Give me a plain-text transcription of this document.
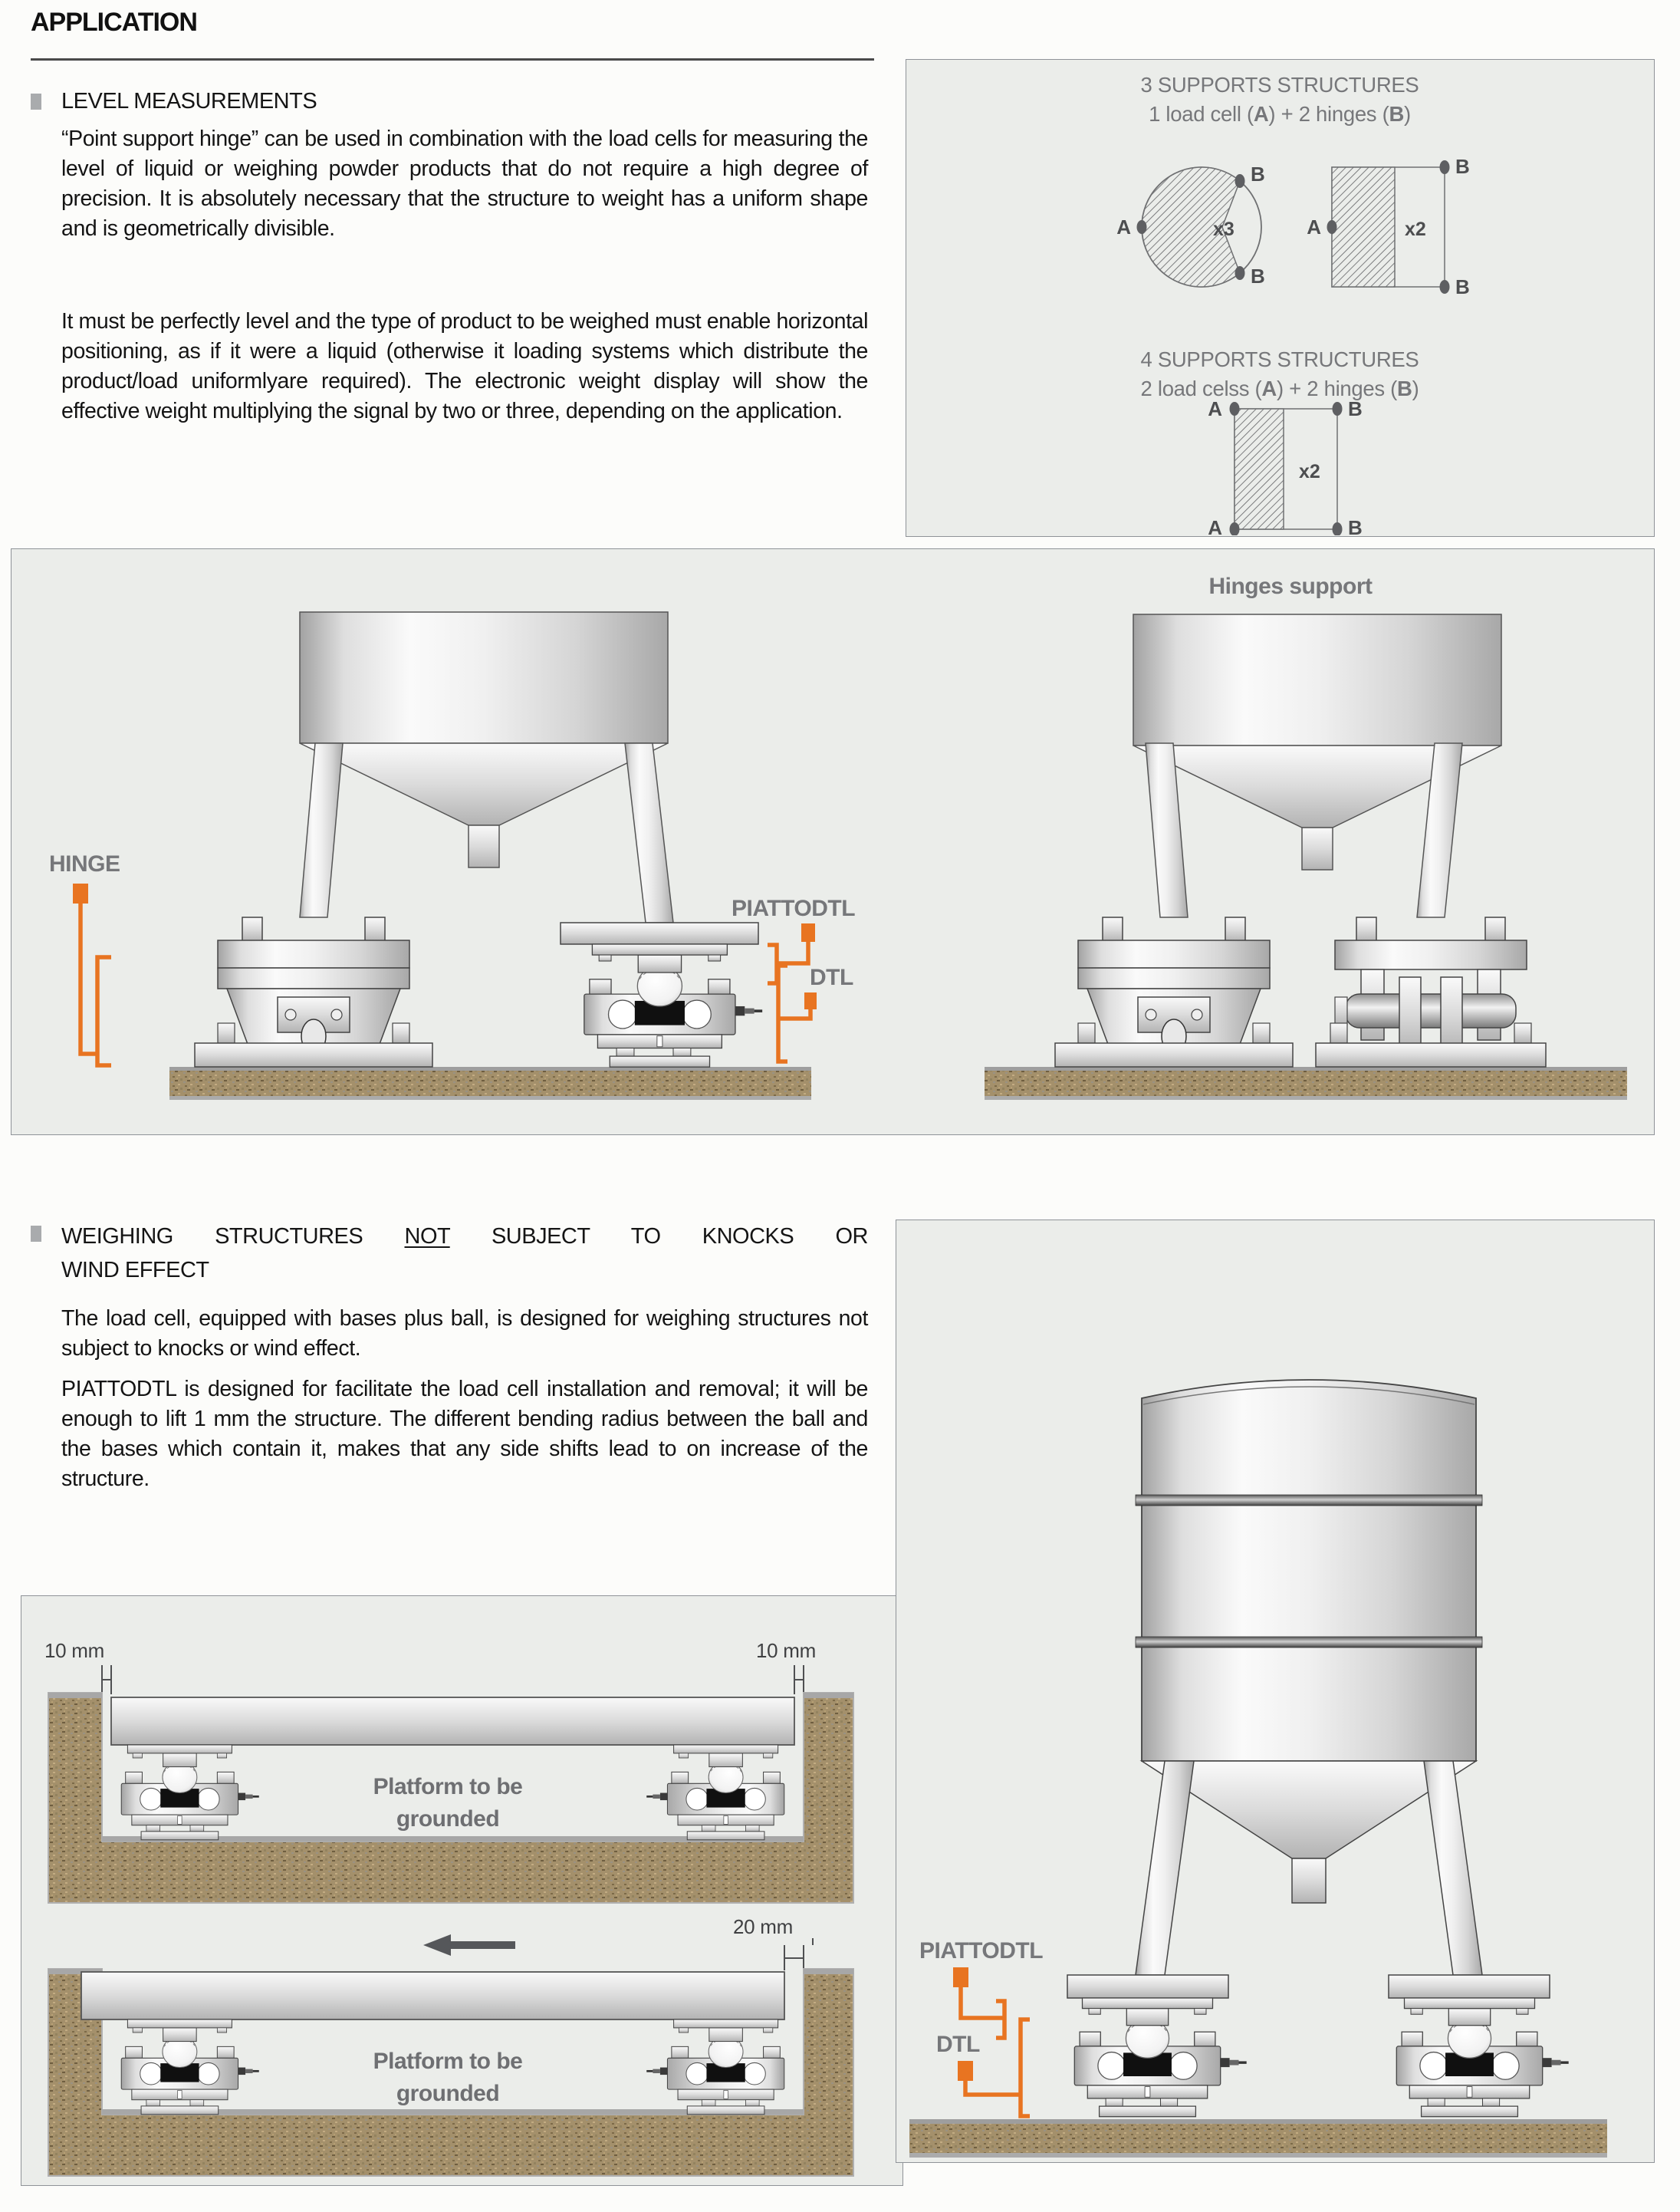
APPLICATION
LEVEL MEASUREMENTS
“Point support hinge” can be used in combination with the load cells for measuring the level of liquid or weighing powder products that do not require a high degree of precision. It is absolutely necessary that the structure to weight has a uniform shape and is geometrically divisible.
It must be perfectly level and the type of product to be weighed must enable horizontal positioning, as if it were a liquid (otherwise it loading systems which distribute the product/load uniformlyare required). The electronic weight display will show the effective weight multiplying the signal by two or three, depending on the application.
3 SUPPORTS STRUCTURES
1 load cell (A) + 2 hinges (B)
B
A
B
x3
B
A
B
x2
4 SUPPORTS STRUCTURES
2 load celss (A) + 2 hinges (B)
A	B
A	B
x2
Hinges support
HINGE
PIATTODTL
DTL
WEIGHING STRUCTURES NOT SUBJECT TO KNOCKS OR WIND EFFECT
The load cell, equipped with bases plus ball, is designed for weighing structures not subject to knocks or wind effect.
PIATTODTL is designed for facilitate the load cell installation and removal; it will be enough to lift 1 mm the structure. The different bending radius between the ball and the bases which contain it, makes that any side shifts lead to on increase of the structure.
10 mm	10 mm
Platform to be
grounded
20 mm
Platform to be
grounded
PIATTODTL
DTL
